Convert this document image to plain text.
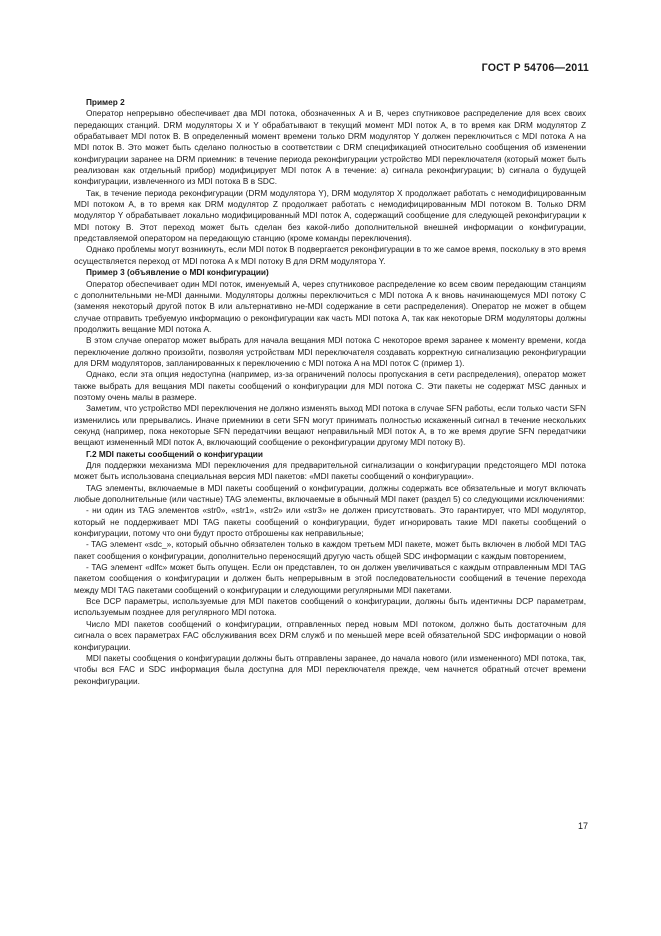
ГОСТ Р 54706—2011

Пример 2

Оператор непрерывно обеспечивает два MDI потока, обозначенных A и B, через спутниковое распределение для всех своих передающих станций. DRM модуляторы X и Y обрабатывают в текущий момент MDI поток A, в то время как DRM модулятор Z обрабатывает MDI поток B. В определенный момент времени только DRM модулятор Y должен переключиться с MDI потока A на MDI поток B. Это может быть сделано полностью в соответствии с DRM спецификацией относительно сообщения об изменении конфигурации заранее на DRM приемник: в течение периода реконфигурации устройство MDI переключателя (который может быть реализован как отдельный прибор) модифицирует MDI поток A в течение: a) сигнала реконфигурации; b) сигнала о будущей конфигурации, извлеченного из MDI потока B в SDC.

Так, в течение периода реконфигурации (DRM модулятора Y), DRM модулятор X продолжает работать с немодифицированным MDI потоком A, в то время как DRM модулятор Z продолжает работать с немодифицированным MDI потоком B. Только DRM модулятор Y обрабатывает локально модифицированный MDI поток A, содержащий сообщение для следующей реконфигурации к MDI потоку B. Этот переход может быть сделан без какой-либо дополнительной внешней информации о конфигурации, представляемой оператором на передающую станцию (кроме команды переключения).

Однако проблемы могут возникнуть, если MDI поток B подвергается реконфигурации в то же самое время, поскольку в это время осуществляется переход от MDI потока A к MDI потоку B для DRM модулятора Y.

Пример 3 (объявление о MDI конфигурации)

Оператор обеспечивает один MDI поток, именуемый A, через спутниковое распределение ко всем своим передающим станциям с дополнительными не-MDI данными. Модуляторы должны переключиться с MDI потока A к вновь начинающемуся MDI потоку C (заменяя некоторый другой поток B или альтернативно не-MDI содержание в сети распределения). Оператор не может в общем случае отправить требуемую информацию о реконфигурации как часть MDI потока A, так как некоторые DRM модуляторы должны продолжить вещание MDI потока A.

В этом случае оператор может выбрать для начала вещания MDI потока C некоторое время заранее к моменту времени, когда переключение должно произойти, позволяя устройствам MDI переключателя создавать корректную сигнализацию реконфигурации для DRM модуляторов, запланированных к переключению с MDI потока A на MDI поток C (пример 1).

Однако, если эта опция недоступна (например, из-за ограничений полосы пропускания в сети распределения), оператор может также выбрать для вещания MDI пакеты сообщений о конфигурации для MDI потока C. Эти пакеты не содержат MSC данных и поэтому очень малы в размере.

Заметим, что устройство MDI переключения не должно изменять выход MDI потока в случае SFN работы, если только части SFN изменились или прерывались. Иначе приемники в сети SFN могут принимать полностью искаженный сигнал в течение нескольких секунд (например, пока некоторые SFN передатчики вещают неправильный MDI поток A, в то же время другие SFN передатчики вещают измененный MDI поток A, включающий сообщение о реконфигурации другому MDI потоку B).

Г.2 MDI пакеты сообщений о конфигурации

Для поддержки механизма MDI переключения для предварительной сигнализации о конфигурации предстоящего MDI потока может быть использована специальная версия MDI пакетов: «MDI пакеты сообщений о конфигурации».

TAG элементы, включаемые в MDI пакеты сообщений о конфигурации, должны содержать все обязательные и могут включать любые дополнительные (или частные) TAG элементы, включаемые в обычный MDI пакет (раздел 5) со следующими исключениями:

- ни один из TAG элементов «str0», «str1», «str2» или «str3» не должен присутствовать. Это гарантирует, что MDI модулятор, который не поддерживает MDI TAG пакеты сообщений о конфигурации, будет игнорировать такие MDI пакеты сообщений о конфигурации, потому что они будут просто отброшены как неправильные;

- TAG элемент «sdc_», который обычно обязателен только в каждом третьем MDI пакете, может быть включен в любой MDI TAG пакет сообщения о конфигурации, дополнительно переносящий другую часть общей SDC информации с каждым повторением,

- TAG элемент «dlfc» может быть опущен. Если он представлен, то он должен увеличиваться с каждым отправленным MDI TAG пакетом сообщения о конфигурации и должен быть непрерывным в этой последовательности сообщений в течение перехода между MDI TAG пакетами сообщений о конфигурации и следующими регулярными MDI пакетами.

Все DCP параметры, используемые для MDI пакетов сообщений о конфигурации, должны быть идентичны DCP параметрам, используемым позднее для регулярного MDI потока.

Число MDI пакетов сообщений о конфигурации, отправленных перед новым MDI потоком, должно быть достаточным для сигнала о всех параметрах FAC обслуживания всех DRM служб и по меньшей мере всей обязательной SDC информации о новой конфигурации.

MDI пакеты сообщения о конфигурации должны быть отправлены заранее, до начала нового (или измененного) MDI потока, так, чтобы вся FAC и SDC информация была доступна для MDI переключателя прежде, чем начнется обратный отсчет времени реконфигурации.

17
